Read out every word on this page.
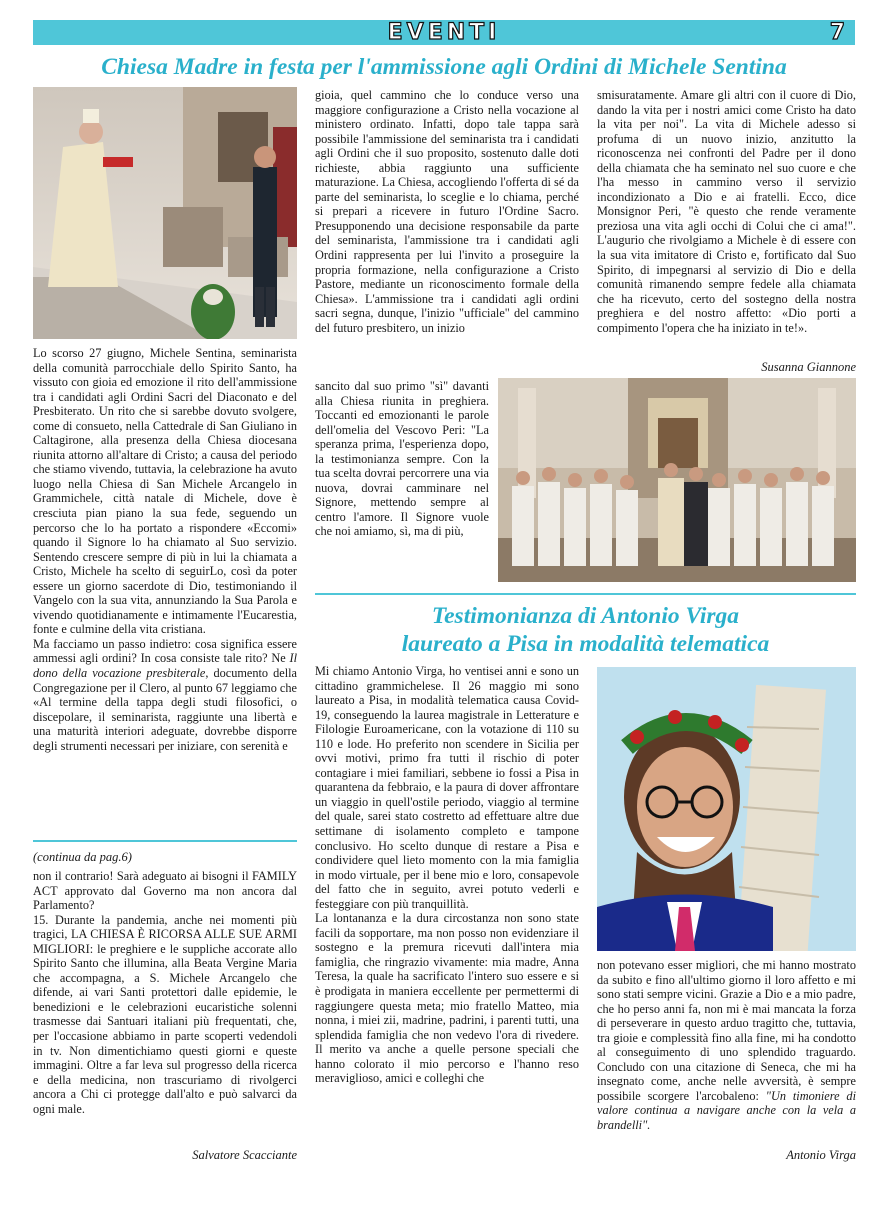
EVENTI	7
Chiesa Madre in festa per l'ammissione agli Ordini di Michele Sentina

Lo scorso 27 giugno, Michele Sentina, seminarista della comunità parrocchiale dello Spirito Santo, ha vissuto con gioia ed emozione il rito dell'ammissione tra i candidati agli Ordini Sacri del Diaconato e del Presbiterato. Un rito che si sarebbe dovuto svolgere, come di consueto, nella Cattedrale di San Giuliano in Caltagirone, alla presenza della Chiesa diocesana riunita attorno all'altare di Cristo; a causa del periodo che stiamo vivendo, tuttavia, la celebrazione ha avuto luogo nella Chiesa di San Michele Arcangelo in Grammichele, città natale di Michele, dove è cresciuta pian piano la sua fede, seguendo un percorso che lo ha portato a rispondere «Eccomi» quando il Signore lo ha chiamato al Suo servizio. Sentendo crescere sempre di più in lui la chiamata a Cristo, Michele ha scelto di seguirLo, così da poter essere un giorno sacerdote di Dio, testimoniando il Vangelo con la sua vita, annunziando la Sua Parola e vivendo quotidianamente e intimamente l'Eucarestia, fonte e culmine della vita cristiana.

Ma facciamo un passo indietro: cosa significa essere ammessi agli ordini? In cosa consiste tale rito? Ne Il dono della vocazione presbiterale, documento della Congregazione per il Clero, al punto 67 leggiamo che «Al termine della tappa degli studi filosofici, o discepolare, il seminarista, raggiunte una libertà e una maturità interiori adeguate, dovrebbe disporre degli strumenti necessari per iniziare, con serenità e

gioia, quel cammino che lo conduce verso una maggiore configurazione a Cristo nella vocazione al ministero ordinato. Infatti, dopo tale tappa sarà possibile l'ammissione del seminarista tra i candidati agli Ordini che il suo proposito, sostenuto dalle doti richieste, abbia raggiunto una sufficiente maturazione. La Chiesa, accogliendo l'offerta di sé da parte del seminarista, lo sceglie e lo chiama, perché si prepari a ricevere in futuro l'Ordine Sacro. Presupponendo una decisione responsabile da parte del seminarista, l'ammissione tra i candidati agli Ordini rappresenta per lui l'invito a proseguire la propria formazione, nella configurazione a Cristo Pastore, mediante un riconoscimento formale della Chiesa». L'ammissione tra i candidati agli ordini sacri segna, dunque, l'inizio "ufficiale" del cammino del futuro presbitero, un inizio
sancito dal suo primo "sì" davanti alla Chiesa riunita in preghiera. Toccanti ed emozionanti le parole dell'omelia del Vescovo Peri: "La speranza prima, l'esperienza dopo, la testimonianza sempre. Con la tua scelta dovrai percorrere una via nuova, dovrai camminare nel Signore, mettendo sempre al centro l'amore. Il Signore vuole che noi amiamo, sì, ma di più,
smisuratamente. Amare gli altri con il cuore di Dio, dando la vita per i nostri amici come Cristo ha dato la vita per noi". La vita di Michele adesso si profuma di un nuovo inizio, anzitutto la riconoscenza nei confronti del Padre per il dono della chiamata che ha seminato nel suo cuore e che l'ha messo in cammino verso il servizio incondizionato a Dio e ai fratelli. Ecco, dice Monsignor Peri, "è questo che rende veramente preziosa una vita agli occhi di Colui che ci ama!". L'augurio che rivolgiamo a Michele è di essere con la sua vita imitatore di Cristo e, fortificato dal Suo Spirito, di impegnarsi al servizio di Dio e della comunità rimanendo sempre fedele alla chiamata che ha ricevuto, certo del sostegno della nostra preghiera e del nostro affetto: «Dio porti a compimento l'opera che ha iniziato in te!».
Susanna Giannone
(continua da pag.6)

non il contrario! Sarà adeguato ai bisogni il FAMILY ACT approvato dal Governo ma non ancora dal Parlamento?

15. Durante la pandemia, anche nei momenti più tragici, LA CHIESA È RICORSA ALLE SUE ARMI MIGLIORI: le preghiere e le suppliche accorate allo Spirito Santo che illumina, alla Beata Vergine Maria che accompagna, a S. Michele Arcangelo che difende, ai vari Santi protettori dalle epidemie, le benedizioni e le celebrazioni eucaristiche solenni trasmesse dai Santuari italiani più frequentati, che, per l'occasione abbiamo in parte scoperti vedendoli in tv. Non dimentichiamo questi giorni e queste immagini. Oltre a far leva sul progresso della ricerca e della medicina, non trascuriamo di rivolgerci ancora a Chi ci protegge dall'alto e può salvarci da ogni male.

Salvatore Scacciante
Testimonianza di Antonio Virga
laureato a Pisa in modalità telematica

Mi chiamo Antonio Virga, ho ventisei anni e sono un cittadino grammichelese. Il 26 maggio mi sono laureato a Pisa, in modalità telematica causa Covid-19, conseguendo la laurea magistrale in Letterature e Filologie Euroamericane, con la votazione di 110 su 110 e lode. Ho preferito non scendere in Sicilia per ovvi motivi, primo fra tutti il rischio di poter contagiare i miei familiari, sebbene io fossi a Pisa in quarantena da febbraio, e la paura di dover affrontare un viaggio in quell'ostile periodo, viaggio al termine del quale, sarei stato costretto ad effettuare altre due settimane di isolamento completo e tampone conclusivo. Ho scelto dunque di restare a Pisa e condividere quel lieto momento con la mia famiglia in modo virtuale, per il bene mio e loro, consapevole del fatto che in seguito, avrei potuto vederli e festeggiare con più tranquillità.

La lontananza e la dura circostanza non sono state facili da sopportare, ma non posso non evidenziare il sostegno e la premura ricevuti dall'intera mia famiglia, che ringrazio vivamente: mia madre, Anna Teresa, la quale ha sacrificato l'intero suo essere e si è prodigata in maniera eccellente per permettermi di raggiungere questa meta; mio fratello Matteo, mia nonna, i miei zii, madrine, padrini, i parenti tutti, una splendida famiglia che non vedevo l'ora di rivedere. Il merito va anche a quelle persone speciali che hanno colorato il mio percorso e l'hanno reso meraviglioso, amici e colleghi che

non potevano esser migliori, che mi hanno mostrato da subito e fino all'ultimo giorno il loro affetto e mi sono stati sempre vicini. Grazie a Dio e a mio padre, che ho perso anni fa, non mi è mai mancata la forza di perseverare in questo arduo tragitto che, tuttavia, tra gioie e complessità fino alla fine, mi ha condotto al conseguimento di uno splendido traguardo. Concludo con una citazione di Seneca, che mi ha insegnato come, anche nelle avversità, è sempre possibile scorgere l'arcobaleno: "Un timoniere di valore continua a navigare anche con la vela a brandelli".
Antonio Virga
